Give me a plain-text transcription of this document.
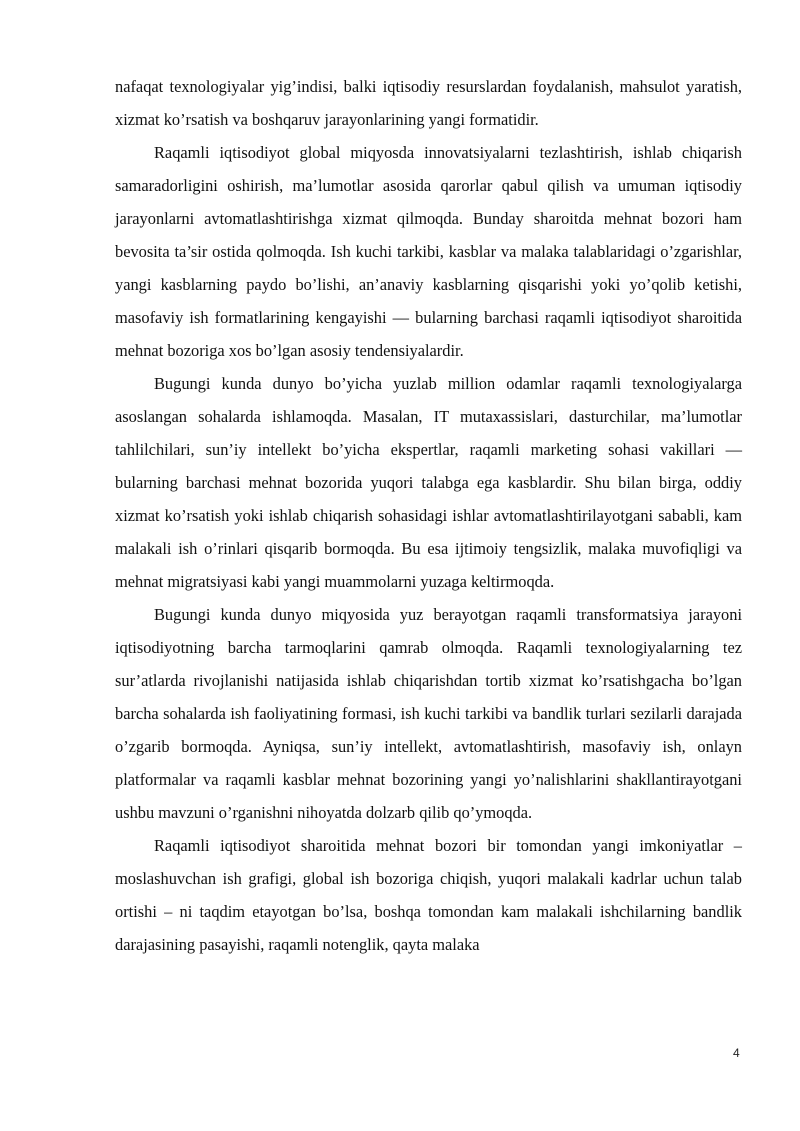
nafaqat texnologiyalar yig’indisi, balki iqtisodiy resurslardan foydalanish, mahsulot yaratish, xizmat ko’rsatish va boshqaruv jarayonlarining yangi formatidir.

Raqamli iqtisodiyot global miqyosda innovatsiyalarni tezlashtirish, ishlab chiqarish samaradorligini oshirish, ma’lumotlar asosida qarorlar qabul qilish va umuman iqtisodiy jarayonlarni avtomatlashtirishga xizmat qilmoqda. Bunday sharoitda mehnat bozori ham bevosita ta’sir ostida qolmoqda. Ish kuchi tarkibi, kasblar va malaka talablaridagi o’zgarishlar, yangi kasblarning paydo bo’lishi, an’anaviy kasblarning qisqarishi yoki yo’qolib ketishi, masofaviy ish formatlarining kengayishi — bularning barchasi raqamli iqtisodiyot sharoitida mehnat bozoriga xos bo’lgan asosiy tendensiyalardir.

Bugungi kunda dunyo bo’yicha yuzlab million odamlar raqamli texnologiyalarga asoslangan sohalarda ishlamoqda. Masalan, IT mutaxassislari, dasturchilar, ma’lumotlar tahlilchilari, sun’iy intellekt bo’yicha ekspertlar, raqamli marketing sohasi vakillari — bularning barchasi mehnat bozorida yuqori talabga ega kasblardir. Shu bilan birga, oddiy xizmat ko’rsatish yoki ishlab chiqarish sohasidagi ishlar avtomatlashtirilayotgani sababli, kam malakali ish o’rinlari qisqarib bormoqda. Bu esa ijtimoiy tengsizlik, malaka muvofiqligi va mehnat migratsiyasi kabi yangi muammolarni yuzaga keltirmoqda.

Bugungi kunda dunyo miqyosida yuz berayotgan raqamli transformatsiya jarayoni iqtisodiyotning barcha tarmoqlarini qamrab olmoqda. Raqamli texnologiyalarning tez sur’atlarda rivojlanishi natijasida ishlab chiqarishdan tortib xizmat ko’rsatishgacha bo’lgan barcha sohalarda ish faoliyatining formasi, ish kuchi tarkibi va bandlik turlari sezilarli darajada o’zgarib bormoqda. Ayniqsa, sun’iy intellekt, avtomatlashtirish, masofaviy ish, onlayn platformalar va raqamli kasblar mehnat bozorining yangi yo’nalishlarini shakllantirayotgani ushbu mavzuni o’rganishni nihoyatda dolzarb qilib qo’ymoqda.

Raqamli iqtisodiyot sharoitida mehnat bozori bir tomondan yangi imkoniyatlar – moslashuvchan ish grafigi, global ish bozoriga chiqish, yuqori malakali kadrlar uchun talab ortishi – ni taqdim etayotgan bo’lsa, boshqa tomondan kam malakali ishchilarning bandlik darajasining pasayishi, raqamli notenglik, qayta malaka

4
